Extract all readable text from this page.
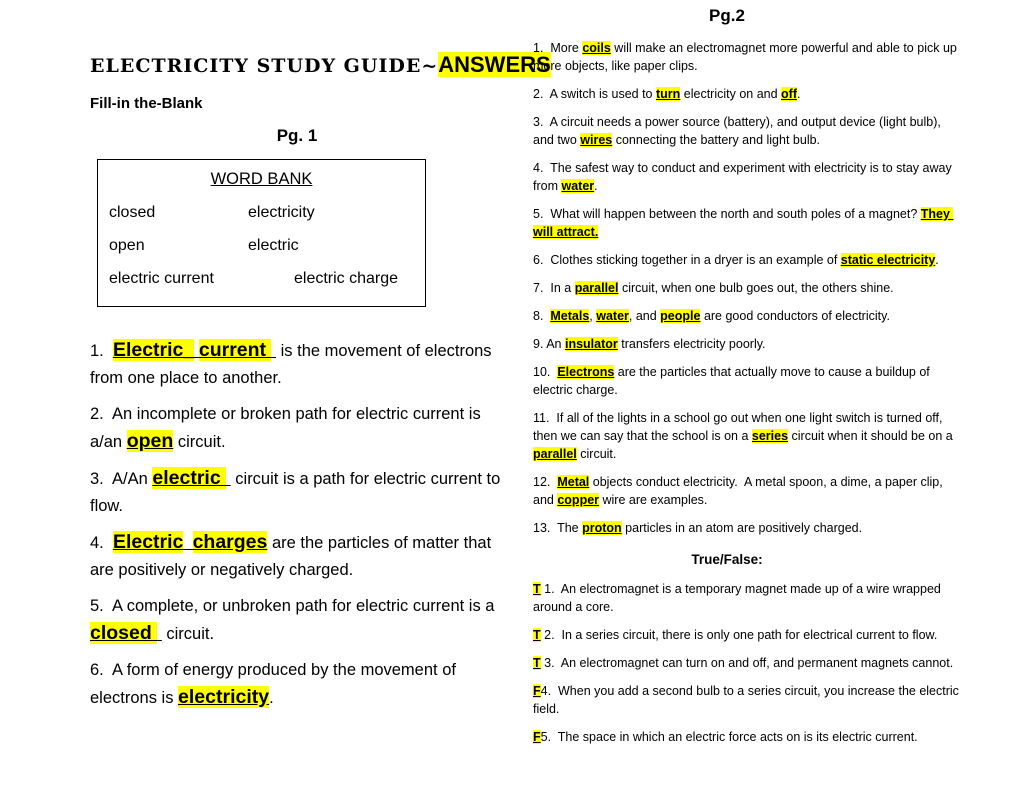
ELECTRICITY STUDY GUIDE~ANSWERS
Fill-in the-Blank
Pg. 1
WORD BANK
closed	electricity
open	electric
electric current	electric charge

1.  Electric_ current   is the movement of electrons from one place to another.

2.  An incomplete or broken path for electric current is a/an open circuit.

3.  A/An electric   circuit is a path for electric current to flow.

4.  Electric charges are the particles of matter that are positively or negatively charged.

5.  A complete, or unbroken path for electric current is a closed   circuit.

6.  A form of energy produced by the movement of electrons is electricity.

Pg.2

1.  More coils will make an electromagnet more powerful and able to pick up more objects, like paper clips.

2.  A switch is used to turn electricity on and off.

3.  A circuit needs a power source (battery), and output device (light bulb), and two wires connecting the battery and light bulb.

4.  The safest way to conduct and experiment with electricity is to stay away from water.

5.  What will happen between the north and south poles of a magnet? They will attract.

6.  Clothes sticking together in a dryer is an example of static electricity.

7.  In a parallel circuit, when one bulb goes out, the others shine.

8.  Metals, water, and people are good conductors of electricity.

9. An insulator transfers electricity poorly.

10.  Electrons are the particles that actually move to cause a buildup of electric charge.

11.  If all of the lights in a school go out when one light switch is turned off, then we can say that the school is on a series circuit when it should be on a parallel circuit.

12.  Metal objects conduct electricity.  A metal spoon, a dime, a paper clip, and copper wire are examples.

13.  The proton particles in an atom are positively charged.

True/False:

T 1.  An electromagnet is a temporary magnet made up of a wire wrapped around a core.

T 2.  In a series circuit, there is only one path for electrical current to flow.

T 3.  An electromagnet can turn on and off, and permanent magnets cannot.

F4.  When you add a second bulb to a series circuit, you increase the electric field.

F5.  The space in which an electric force acts on is its electric current.
